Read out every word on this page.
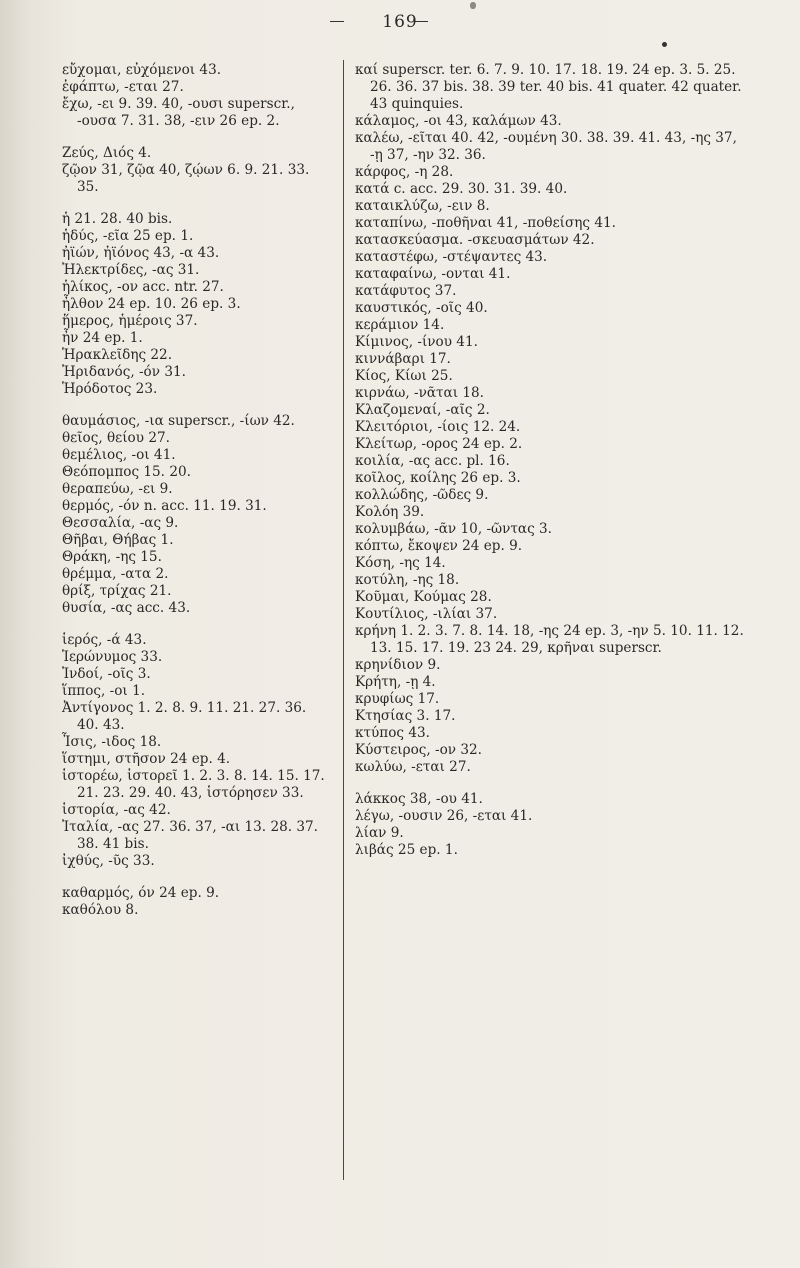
169
εὔχομαι, εὐχόμενοι 43.
ἐφάπτω, -εται 27.
ἔχω, -ει 9. 39. 40, -ουσι superscr., -ουσα 7. 31. 38, -ειν 26 ep. 2.
Ζεύς, Διός 4.
ζῷον 31, ζῷα 40, ζῴων 6. 9. 21. 33. 35.
ἡ 21. 28. 40 bis.
ἡδύς, -εῖα 25 ep. 1.
ἠϊών, ἠϊόνος 43, -α 43.
Ἠλεκτρίδες, -ας 31.
ἡλίκος, -ον acc. ntr. 27.
ἦλθον 24 ep. 10. 26 ep. 3.
ἥμερος, ἡμέροις 37.
ἦν 24 ep. 1.
Ἡρακλεῖδης 22.
Ἠριδανός, -όν 31.
Ἡρόδοτος 23.
θαυμάσιος, -ια superscr., -ίων 42.
θεῖος, θείου 27.
θεμέλιος, -οι 41.
Θεόπομπος 15. 20.
θεραπεύω, -ει 9.
θερμός, -όν n. acc. 11. 19. 31.
Θεσσαλία, -ας 9.
Θῆβαι, Θήβας 1.
Θράκη, -ης 15.
θρέμμα, -ατα 2.
θρίξ, τρίχας 21.
θυσία, -ας acc. 43.
ἱερός, -ά 43.
Ἱερώνυμος 33.
Ἰνδοί, -οῖς 3.
ἵππος, -οι 1.
Ἀντίγονος 1. 2. 8. 9. 11. 21. 27. 36. 40. 43.
Ἶσις, -ιδος 18.
ἵστημι, στῆσον 24 ep. 4.
ἱστορέω, ἱστορεῖ 1. 2. 3. 8. 14. 15. 17. 21. 23. 29. 40. 43, ἱστόρησεν 33.
ἱστορία, -ας 42.
Ἰταλία, -ας 27. 36. 37, -αι 13. 28. 37. 38. 41 bis.
ἰχθύς, -ῦς 33.
καθαρμός, όν 24 ep. 9.
καθόλου 8.
καί superscr. ter. 6. 7. 9. 10. 17. 18. 19. 24 ep. 3. 5. 25. 26. 36. 37 bis. 38. 39 ter. 40 bis. 41 quater. 42 quater. 43 quinquies.
κάλαμος, -οι 43, καλάμων 43.
καλέω, -εῖται 40. 42, -ουμένη 30. 38. 39. 41. 43, -ης 37, -ῃ 37, -ην 32. 36.
κάρφος, -η 28.
κατά c. acc. 29. 30. 31. 39. 40.
καταικλύζω, -ειν 8.
καταπίνω, -ποθῆναι 41, -ποθείσης 41.
κατασκεύασμα. -σκευασμάτων 42.
καταστέφω, -στέψαντες 43.
καταφαίνω, -ονται 41.
κατάφυτος 37.
καυστικός, -οῖς 40.
κεράμιον 14.
Κίμινος, -ίνου 41.
κιννάβαρι 17.
Κίος, Κίωι 25.
κιρνάω, -νᾶται 18.
Κλαζομεναί, -αῖς 2.
Κλειτόριοι, -ίοις 12. 24.
Κλείτωρ, -ορος 24 ep. 2.
κοιλία, -ας acc. pl. 16.
κοῖλος, κοίλης 26 ep. 3.
κολλώδης, -ῶδες 9.
Κολόη 39.
κολυμβάω, -ᾶν 10, -ῶντας 3.
κόπτω, ἔκοψεν 24 ep. 9.
Κόση, -ης 14.
κοτύλη, -ης 18.
Κοῦμαι, Κούμας 28.
Κουτίλιος, -ιλίαι 37.
κρήνη 1. 2. 3. 7. 8. 14. 18, -ης 24 ep. 3, -ην 5. 10. 11. 12. 13. 15. 17. 19. 23 24. 29, κρῆναι superscr.
κρηνίδιον 9.
Κρήτη, -ῃ 4.
κρυφίως 17.
Κτησίας 3. 17.
κτύπος 43.
Κύστειρος, -ον 32.
κωλύω, -εται 27.
λάκκος 38, -ου 41.
λέγω, -ουσιν 26, -εται 41.
λίαν 9.
λιβάς 25 ep. 1.
